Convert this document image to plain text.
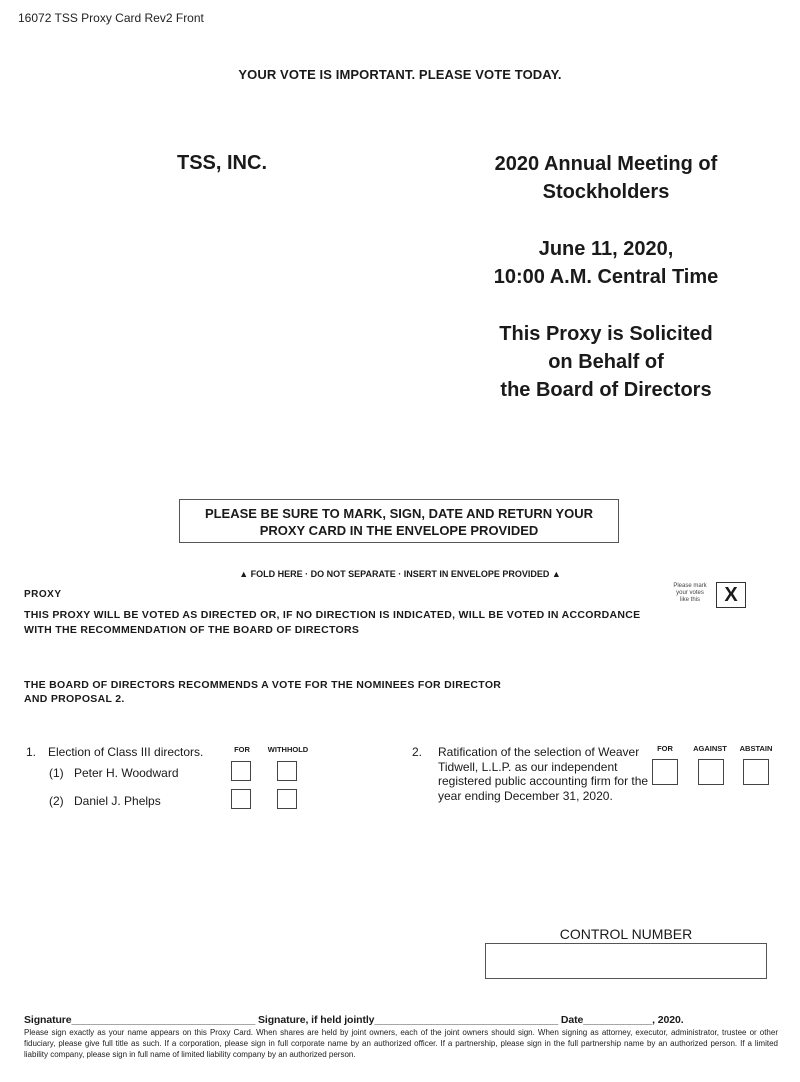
16072 TSS Proxy Card Rev2 Front
YOUR VOTE IS IMPORTANT. PLEASE VOTE TODAY.
TSS, INC.	2020 Annual Meeting of
Stockholders
June 11, 2020,
10:00 A.M. Central Time
This Proxy is Solicited
on Behalf of
the Board of Directors
PLEASE BE SURE TO MARK, SIGN, DATE AND RETURN YOUR
PROXY CARD IN THE ENVELOPE PROVIDED
▲ FOLD HERE · DO NOT SEPARATE · INSERT IN ENVELOPE PROVIDED ▲
PROXY
THIS PROXY WILL BE VOTED AS DIRECTED OR, IF NO DIRECTION IS INDICATED, WILL BE VOTED IN ACCORDANCE WITH THE RECOMMENDATION OF THE BOARD OF DIRECTORS
Please mark
your votes
like this	X
THE BOARD OF DIRECTORS RECOMMENDS A VOTE FOR THE NOMINEES FOR DIRECTOR
AND PROPOSAL 2.
1. Election of Class III directors.	FOR	WITHHOLD
(1) Peter H. Woodward
(2) Daniel J. Phelps
2. Ratification of the selection of Weaver Tidwell, L.L.P. as our independent registered public accounting firm for the year ending December 31, 2020.
FOR	AGAINST	ABSTAIN
CONTROL NUMBER
Signature________________________________ Signature, if held jointly________________________________ Date____________, 2020.
Please sign exactly as your name appears on this Proxy Card. When shares are held by joint owners, each of the joint owners should sign. When signing as attorney, executor, administrator, trustee or other fiduciary, please give full title as such. If a corporation, please sign in full corporate name by an authorized officer. If a partnership, please sign in the full partnership name by an authorized person. If a limited liability company, please sign in full name of limited liability company by an authorized person.
